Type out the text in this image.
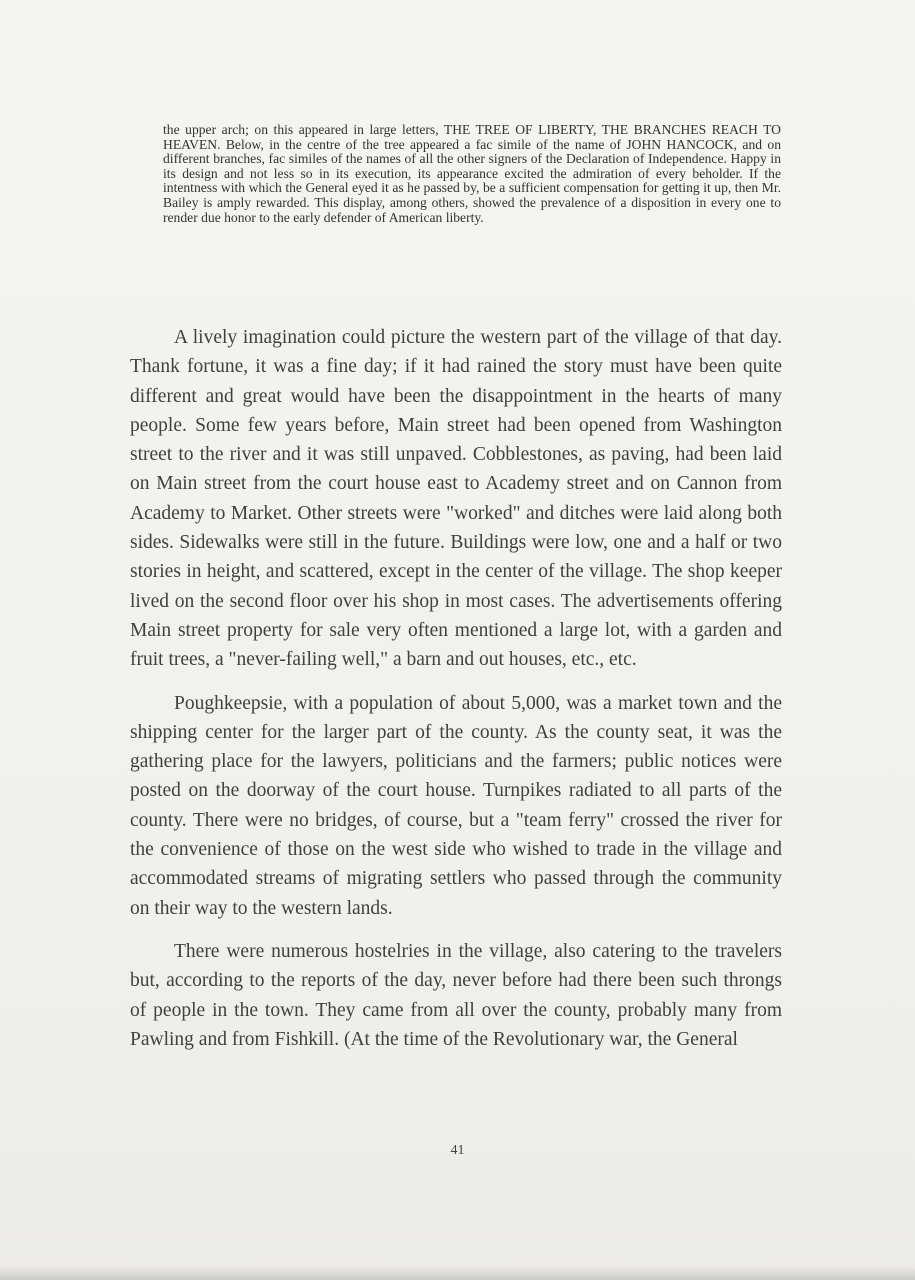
the upper arch; on this appeared in large letters, THE TREE OF LIBERTY, THE BRANCHES REACH TO HEAVEN. Below, in the centre of the tree appeared a fac simile of the name of JOHN HANCOCK, and on different branches, fac similes of the names of all the other signers of the Declaration of Independence. Happy in its design and not less so in its execution, its appearance excited the admiration of every beholder. If the intentness with which the General eyed it as he passed by, be a sufficient compensation for getting it up, then Mr. Bailey is amply rewarded. This display, among others, showed the prevalence of a disposition in every one to render due honor to the early defender of American liberty.

A lively imagination could picture the western part of the village of that day. Thank fortune, it was a fine day; if it had rained the story must have been quite different and great would have been the disappointment in the hearts of many people. Some few years before, Main street had been opened from Washington street to the river and it was still unpaved. Cobblestones, as paving, had been laid on Main street from the court house east to Academy street and on Cannon from Academy to Market. Other streets were "worked" and ditches were laid along both sides. Sidewalks were still in the future. Buildings were low, one and a half or two stories in height, and scattered, except in the center of the village. The shop keeper lived on the second floor over his shop in most cases. The advertisements offering Main street property for sale very often mentioned a large lot, with a garden and fruit trees, a "never-failing well," a barn and out houses, etc., etc.

Poughkeepsie, with a population of about 5,000, was a market town and the shipping center for the larger part of the county. As the county seat, it was the gathering place for the lawyers, politicians and the farmers; public notices were posted on the doorway of the court house. Turnpikes radiated to all parts of the county. There were no bridges, of course, but a "team ferry" crossed the river for the convenience of those on the west side who wished to trade in the village and accommodated streams of migrating settlers who passed through the community on their way to the western lands.

There were numerous hostelries in the village, also catering to the travelers but, according to the reports of the day, never before had there been such throngs of people in the town. They came from all over the county, probably many from Pawling and from Fishkill. (At the time of the Revolutionary war, the General

41
